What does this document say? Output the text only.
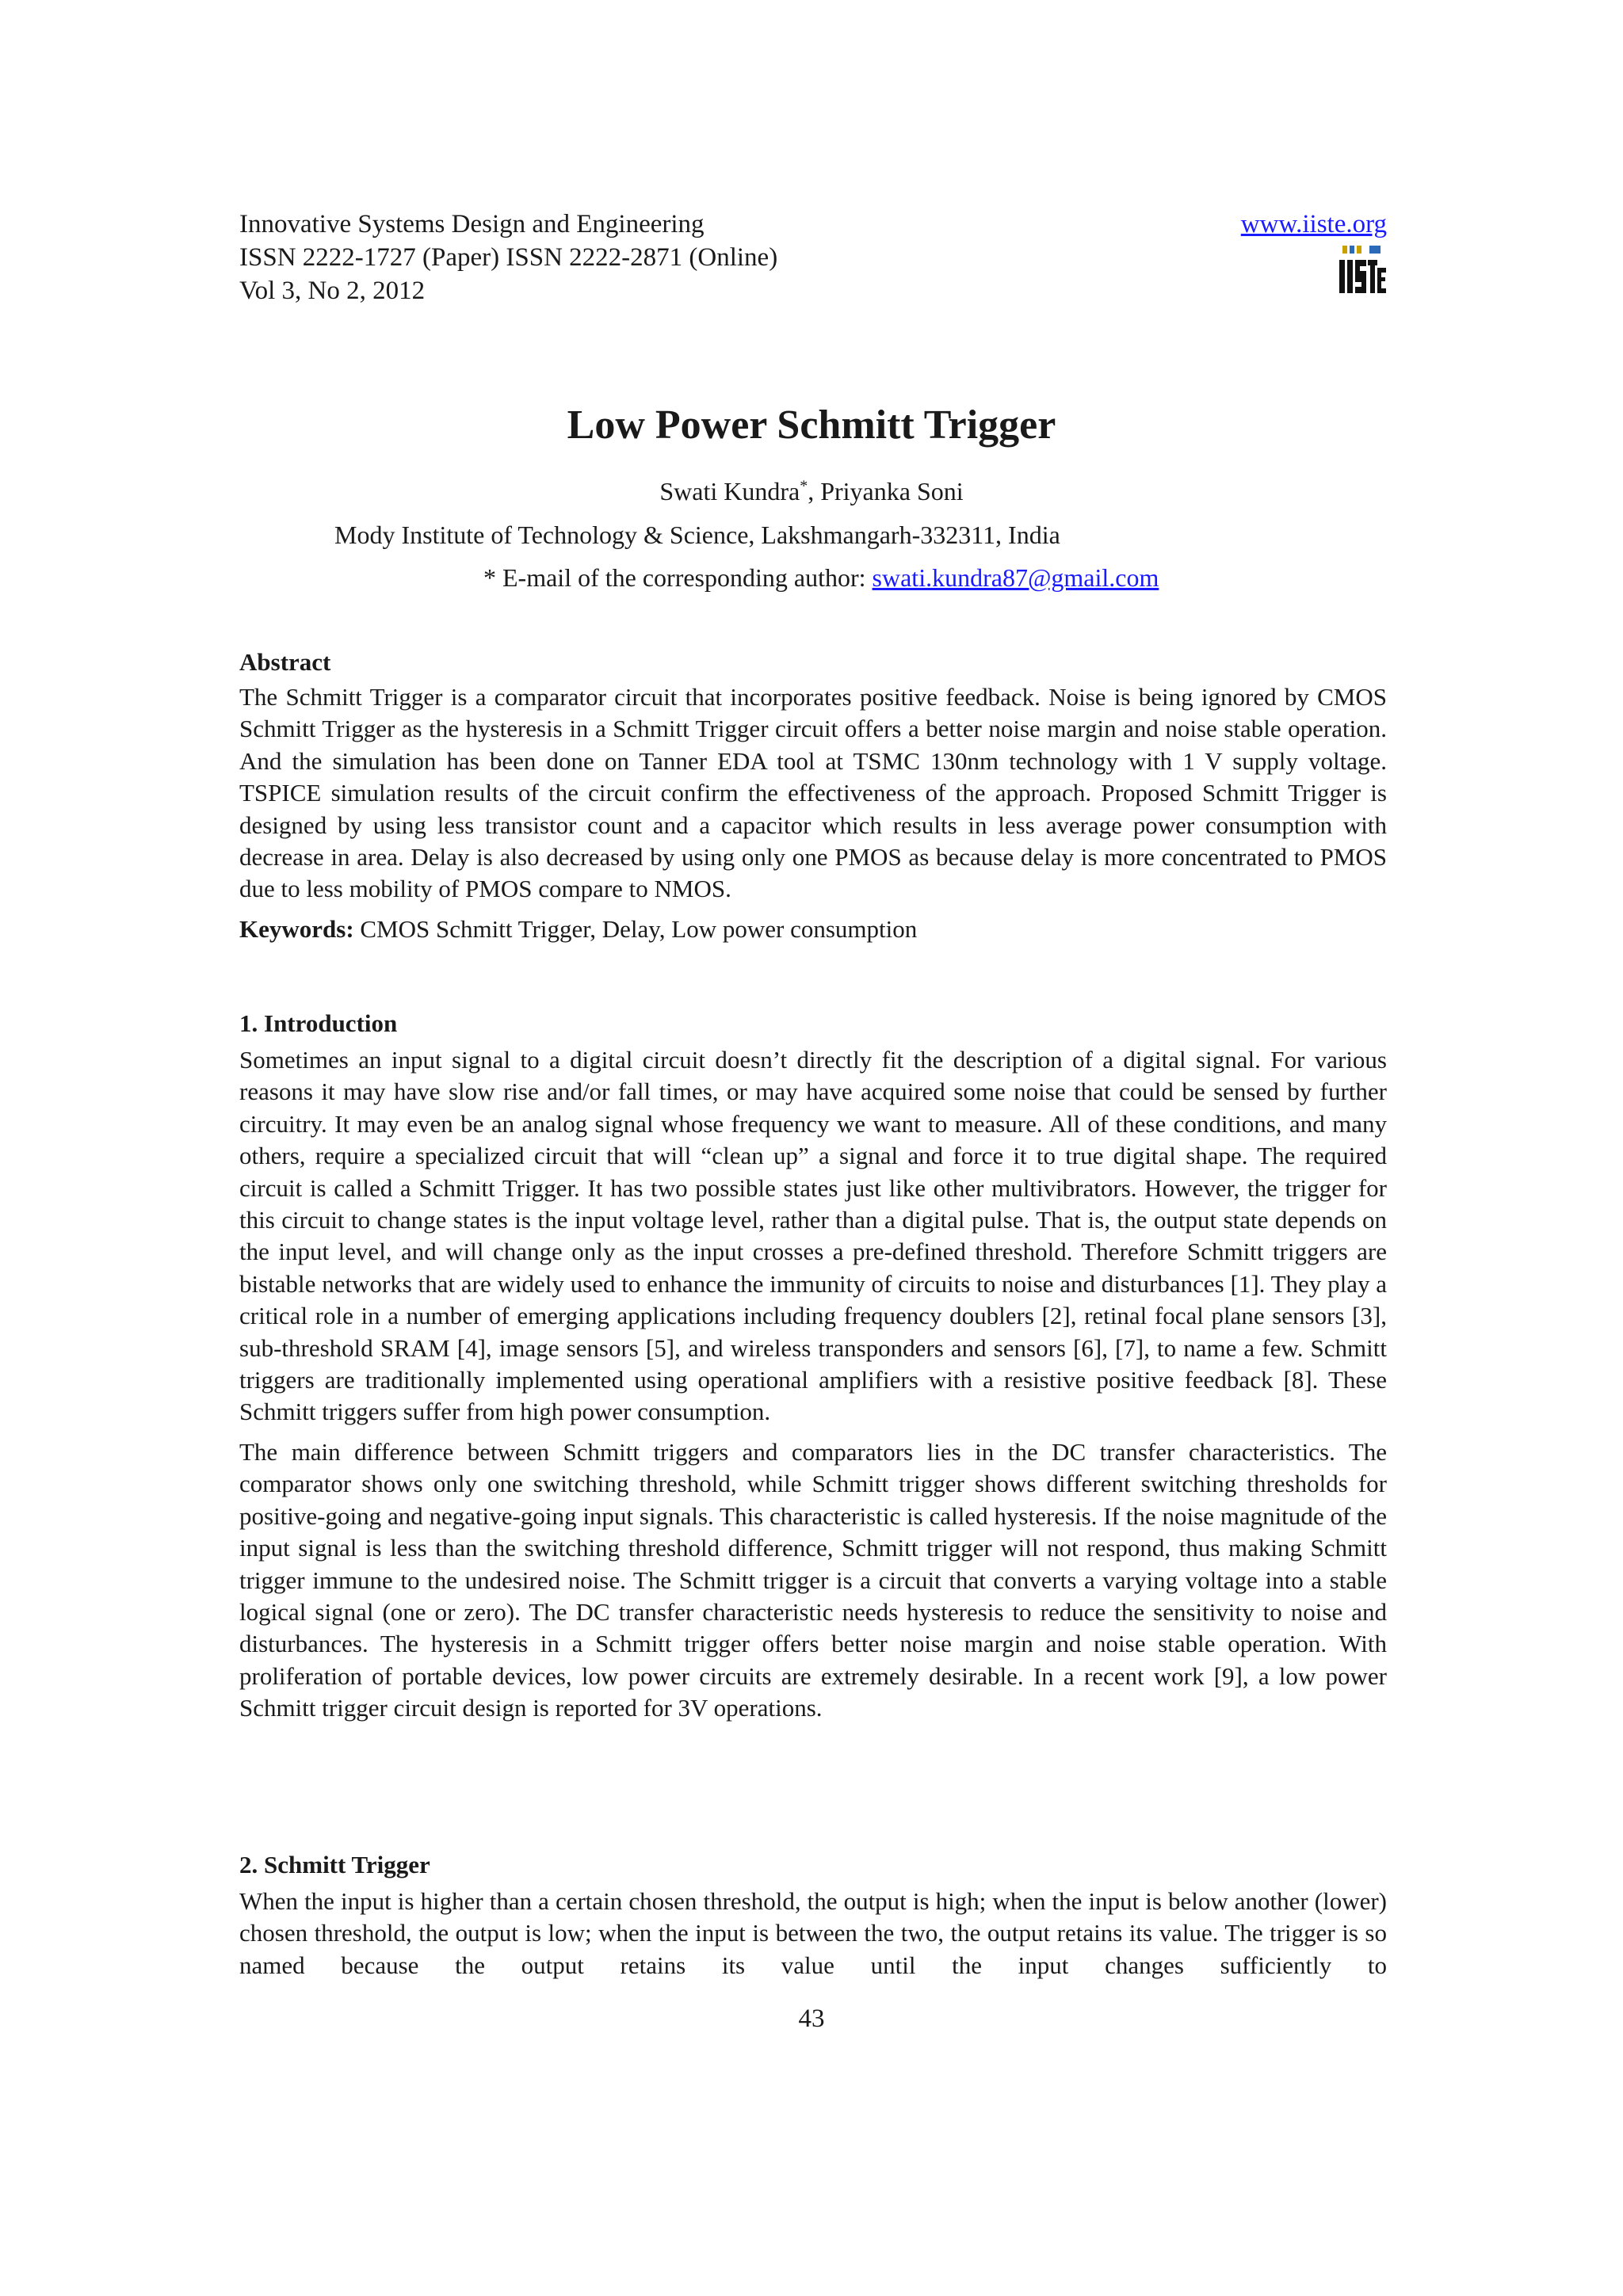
Innovative Systems Design and Engineering
ISSN 2222-1727 (Paper) ISSN 2222-2871 (Online)
Vol 3, No 2, 2012
www.iiste.org
Low Power Schmitt Trigger
Swati Kundra*, Priyanka Soni
Mody Institute of Technology & Science, Lakshmangarh-332311, India
* E-mail of the corresponding author: swati.kundra87@gmail.com

Abstract

The Schmitt Trigger is a comparator circuit that incorporates positive feedback. Noise is being ignored by CMOS Schmitt Trigger as the hysteresis in a Schmitt Trigger circuit offers a better noise margin and noise stable operation. And the simulation has been done on Tanner EDA tool at TSMC 130nm technology with 1 V supply voltage. TSPICE simulation results of the circuit confirm the effectiveness of the approach. Proposed Schmitt Trigger is designed by using less transistor count and a capacitor which results in less average power consumption with decrease in area. Delay is also decreased by using only one PMOS as because delay is more concentrated to PMOS due to less mobility of PMOS compare to NMOS.

Keywords: CMOS Schmitt Trigger, Delay, Low power consumption

1. Introduction

Sometimes an input signal to a digital circuit doesn’t directly fit the description of a digital signal. For various reasons it may have slow rise and/or fall times, or may have acquired some noise that could be sensed by further circuitry. It may even be an analog signal whose frequency we want to measure. All of these conditions, and many others, require a specialized circuit that will “clean up” a signal and force it to true digital shape. The required circuit is called a Schmitt Trigger. It has two possible states just like other multivibrators. However, the trigger for this circuit to change states is the input voltage level, rather than a digital pulse. That is, the output state depends on the input level, and will change only as the input crosses a pre-defined threshold. Therefore Schmitt triggers are bistable networks that are widely used to enhance the immunity of circuits to noise and disturbances [1]. They play a critical role in a number of emerging applications including frequency doublers [2], retinal focal plane sensors [3], sub-threshold SRAM [4], image sensors [5], and wireless transponders and sensors [6], [7], to name a few. Schmitt triggers are traditionally implemented using operational amplifiers with a resistive positive feedback [8]. These Schmitt triggers suffer from high power consumption.

The main difference between Schmitt triggers and comparators lies in the DC transfer characteristics. The comparator shows only one switching threshold, while Schmitt trigger shows different switching thresholds for positive-going and negative-going input signals. This characteristic is called hysteresis. If the noise magnitude of the input signal is less than the switching threshold difference, Schmitt trigger will not respond, thus making Schmitt trigger immune to the undesired noise. The Schmitt trigger is a circuit that converts a varying voltage into a stable logical signal (one or zero). The DC transfer characteristic needs hysteresis to reduce the sensitivity to noise and disturbances. The hysteresis in a Schmitt trigger offers better noise margin and noise stable operation. With proliferation of portable devices, low power circuits are extremely desirable. In a recent work [9], a low power Schmitt trigger circuit design is reported for 3V operations.

2. Schmitt Trigger

When the input is higher than a certain chosen threshold, the output is high; when the input is below another (lower) chosen threshold, the output is low; when the input is between the two, the output retains its value. The trigger is so named because the output retains its value until the input changes sufficiently to

43
